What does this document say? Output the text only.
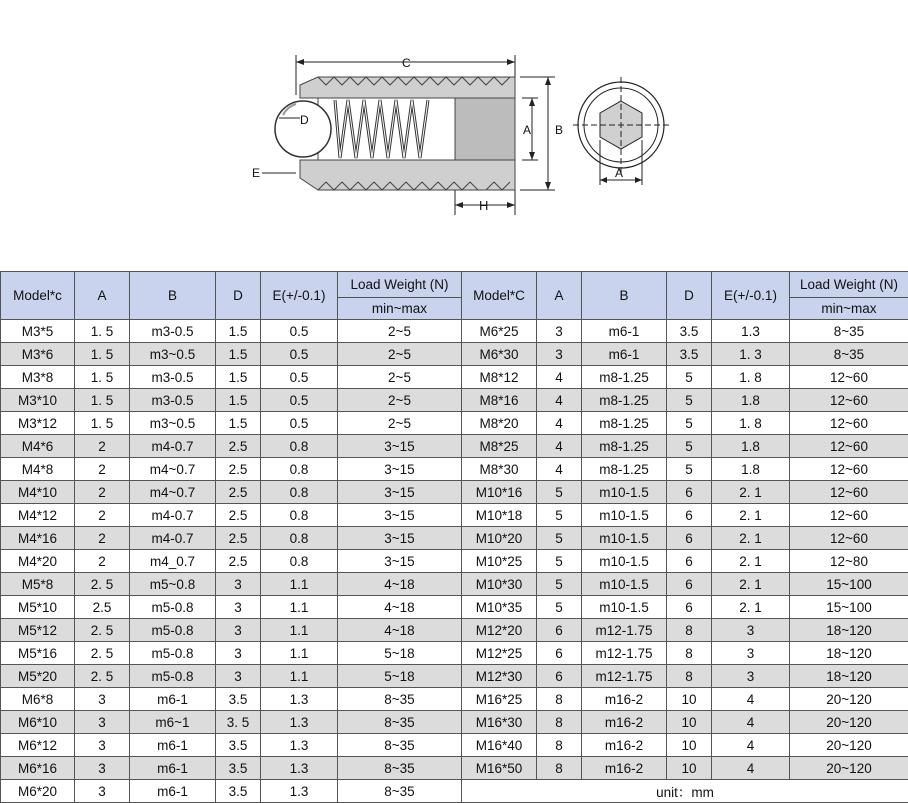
C
A B
D
E
H
A
Model*c	A	B	D	E(+/-0.1)	Load Weight (N)	Model*C	A	B	D	E(+/-0.1)	Load Weight (N)
					min~max						min~max
M3*5	1. 5	m3-0.5	1.5	0.5	2~5	M6*25	3	m6-1	3.5	1.3	8~35
M3*6	1. 5	m3~0.5	1.5	0.5	2~5	M6*30	3	m6-1	3.5	1. 3	8~35
M3*8	1. 5	m3-0.5	1.5	0.5	2~5	M8*12	4	m8-1.25	5	1. 8	12~60
M3*10	1. 5	m3-0.5	1.5	0.5	2~5	M8*16	4	m8-1.25	5	1.8	12~60
M3*12	1. 5	m3~0.5	1.5	0.5	2~5	M8*20	4	m8-1.25	5	1. 8	12~60
M4*6	2	m4-0.7	2.5	0.8	3~15	M8*25	4	m8-1.25	5	1.8	12~60
M4*8	2	m4~0.7	2.5	0.8	3~15	M8*30	4	m8-1.25	5	1.8	12~60
M4*10	2	m4~0.7	2.5	0.8	3~15	M10*16	5	m10-1.5	6	2. 1	12~60
M4*12	2	m4-0.7	2.5	0.8	3~15	M10*18	5	m10-1.5	6	2. 1	12~60
M4*16	2	m4-0.7	2.5	0.8	3~15	M10*20	5	m10-1.5	6	2. 1	12~60
M4*20	2	m4_0.7	2.5	0.8	3~15	M10*25	5	m10-1.5	6	2. 1	12~80
M5*8	2. 5	m5~0.8	3	1.1	4~18	M10*30	5	m10-1.5	6	2. 1	15~100
M5*10	2.5	m5-0.8	3	1.1	4~18	M10*35	5	m10-1.5	6	2. 1	15~100
M5*12	2. 5	m5-0.8	3	1.1	4~18	M12*20	6	m12-1.75	8	3	18~120
M5*16	2. 5	m5-0.8	3	1.1	5~18	M12*25	6	m12-1.75	8	3	18~120
M5*20	2. 5	m5-0.8	3	1.1	5~18	M12*30	6	m12-1.75	8	3	18~120
M6*8	3	m6-1	3.5	1.3	8~35	M16*25	8	m16-2	10	4	20~120
M6*10	3	m6~1	3. 5	1.3	8~35	M16*30	8	m16-2	10	4	20~120
M6*12	3	m6-1	3.5	1.3	8~35	M16*40	8	m16-2	10	4	20~120
M6*16	3	m6-1	3.5	1.3	8~35	M16*50	8	m16-2	10	4	20~120
M6*20	3	m6-1	3.5	1.3	8~35	unit：mm					
